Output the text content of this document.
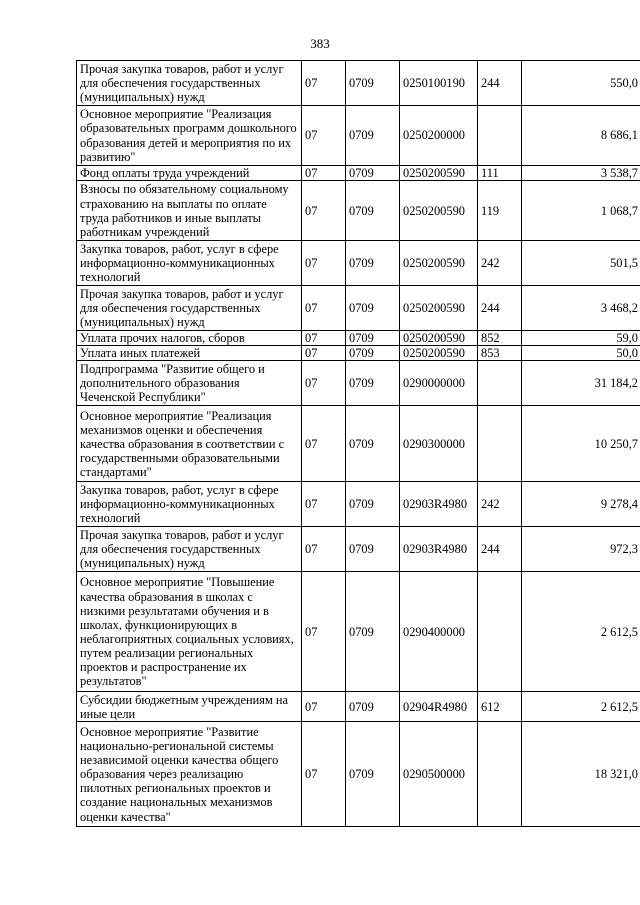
383
Прочая закупка товаров, работ и услуг для обеспечения государственных (муниципальных) нужд	07	0709	0250100190	244	550,0
Основное мероприятие "Реализация образовательных программ дошкольного образования детей и мероприятия по их развитию"	07	0709	0250200000		8 686,1
Фонд оплаты труда учреждений	07	0709	0250200590	111	3 538,7
Взносы по обязательному социальному страхованию на выплаты по оплате труда работников и иные выплаты работникам учреждений	07	0709	0250200590	119	1 068,7
Закупка товаров, работ, услуг в сфере информационно-коммуникационных технологий	07	0709	0250200590	242	501,5
Прочая закупка товаров, работ и услуг для обеспечения государственных (муниципальных) нужд	07	0709	0250200590	244	3 468,2
Уплата прочих налогов, сборов	07	0709	0250200590	852	59,0
Уплата иных платежей	07	0709	0250200590	853	50,0
Подпрограмма "Развитие общего и дополнительного образования Чеченской Республики"	07	0709	0290000000		31 184,2
Основное мероприятие "Реализация механизмов оценки и обеспечения качества образования в соответствии с государственными образовательными стандартами"	07	0709	0290300000		10 250,7
Закупка товаров, работ, услуг в сфере информационно-коммуникационных технологий	07	0709	02903R4980	242	9 278,4
Прочая закупка товаров, работ и услуг для обеспечения государственных (муниципальных) нужд	07	0709	02903R4980	244	972,3
Основное мероприятие "Повышение качества образования в школах с низкими результатами обучения и в школах, функционирующих в неблагоприятных социальных условиях, путем реализации региональных проектов и распространение их результатов"	07	0709	0290400000		2 612,5
Субсидии бюджетным учреждениям на иные цели	07	0709	02904R4980	612	2 612,5
Основное мероприятие "Развитие национально-региональной системы независимой оценки качества общего образования через реализацию пилотных региональных проектов и создание национальных механизмов оценки качества"	07	0709	0290500000		18 321,0
